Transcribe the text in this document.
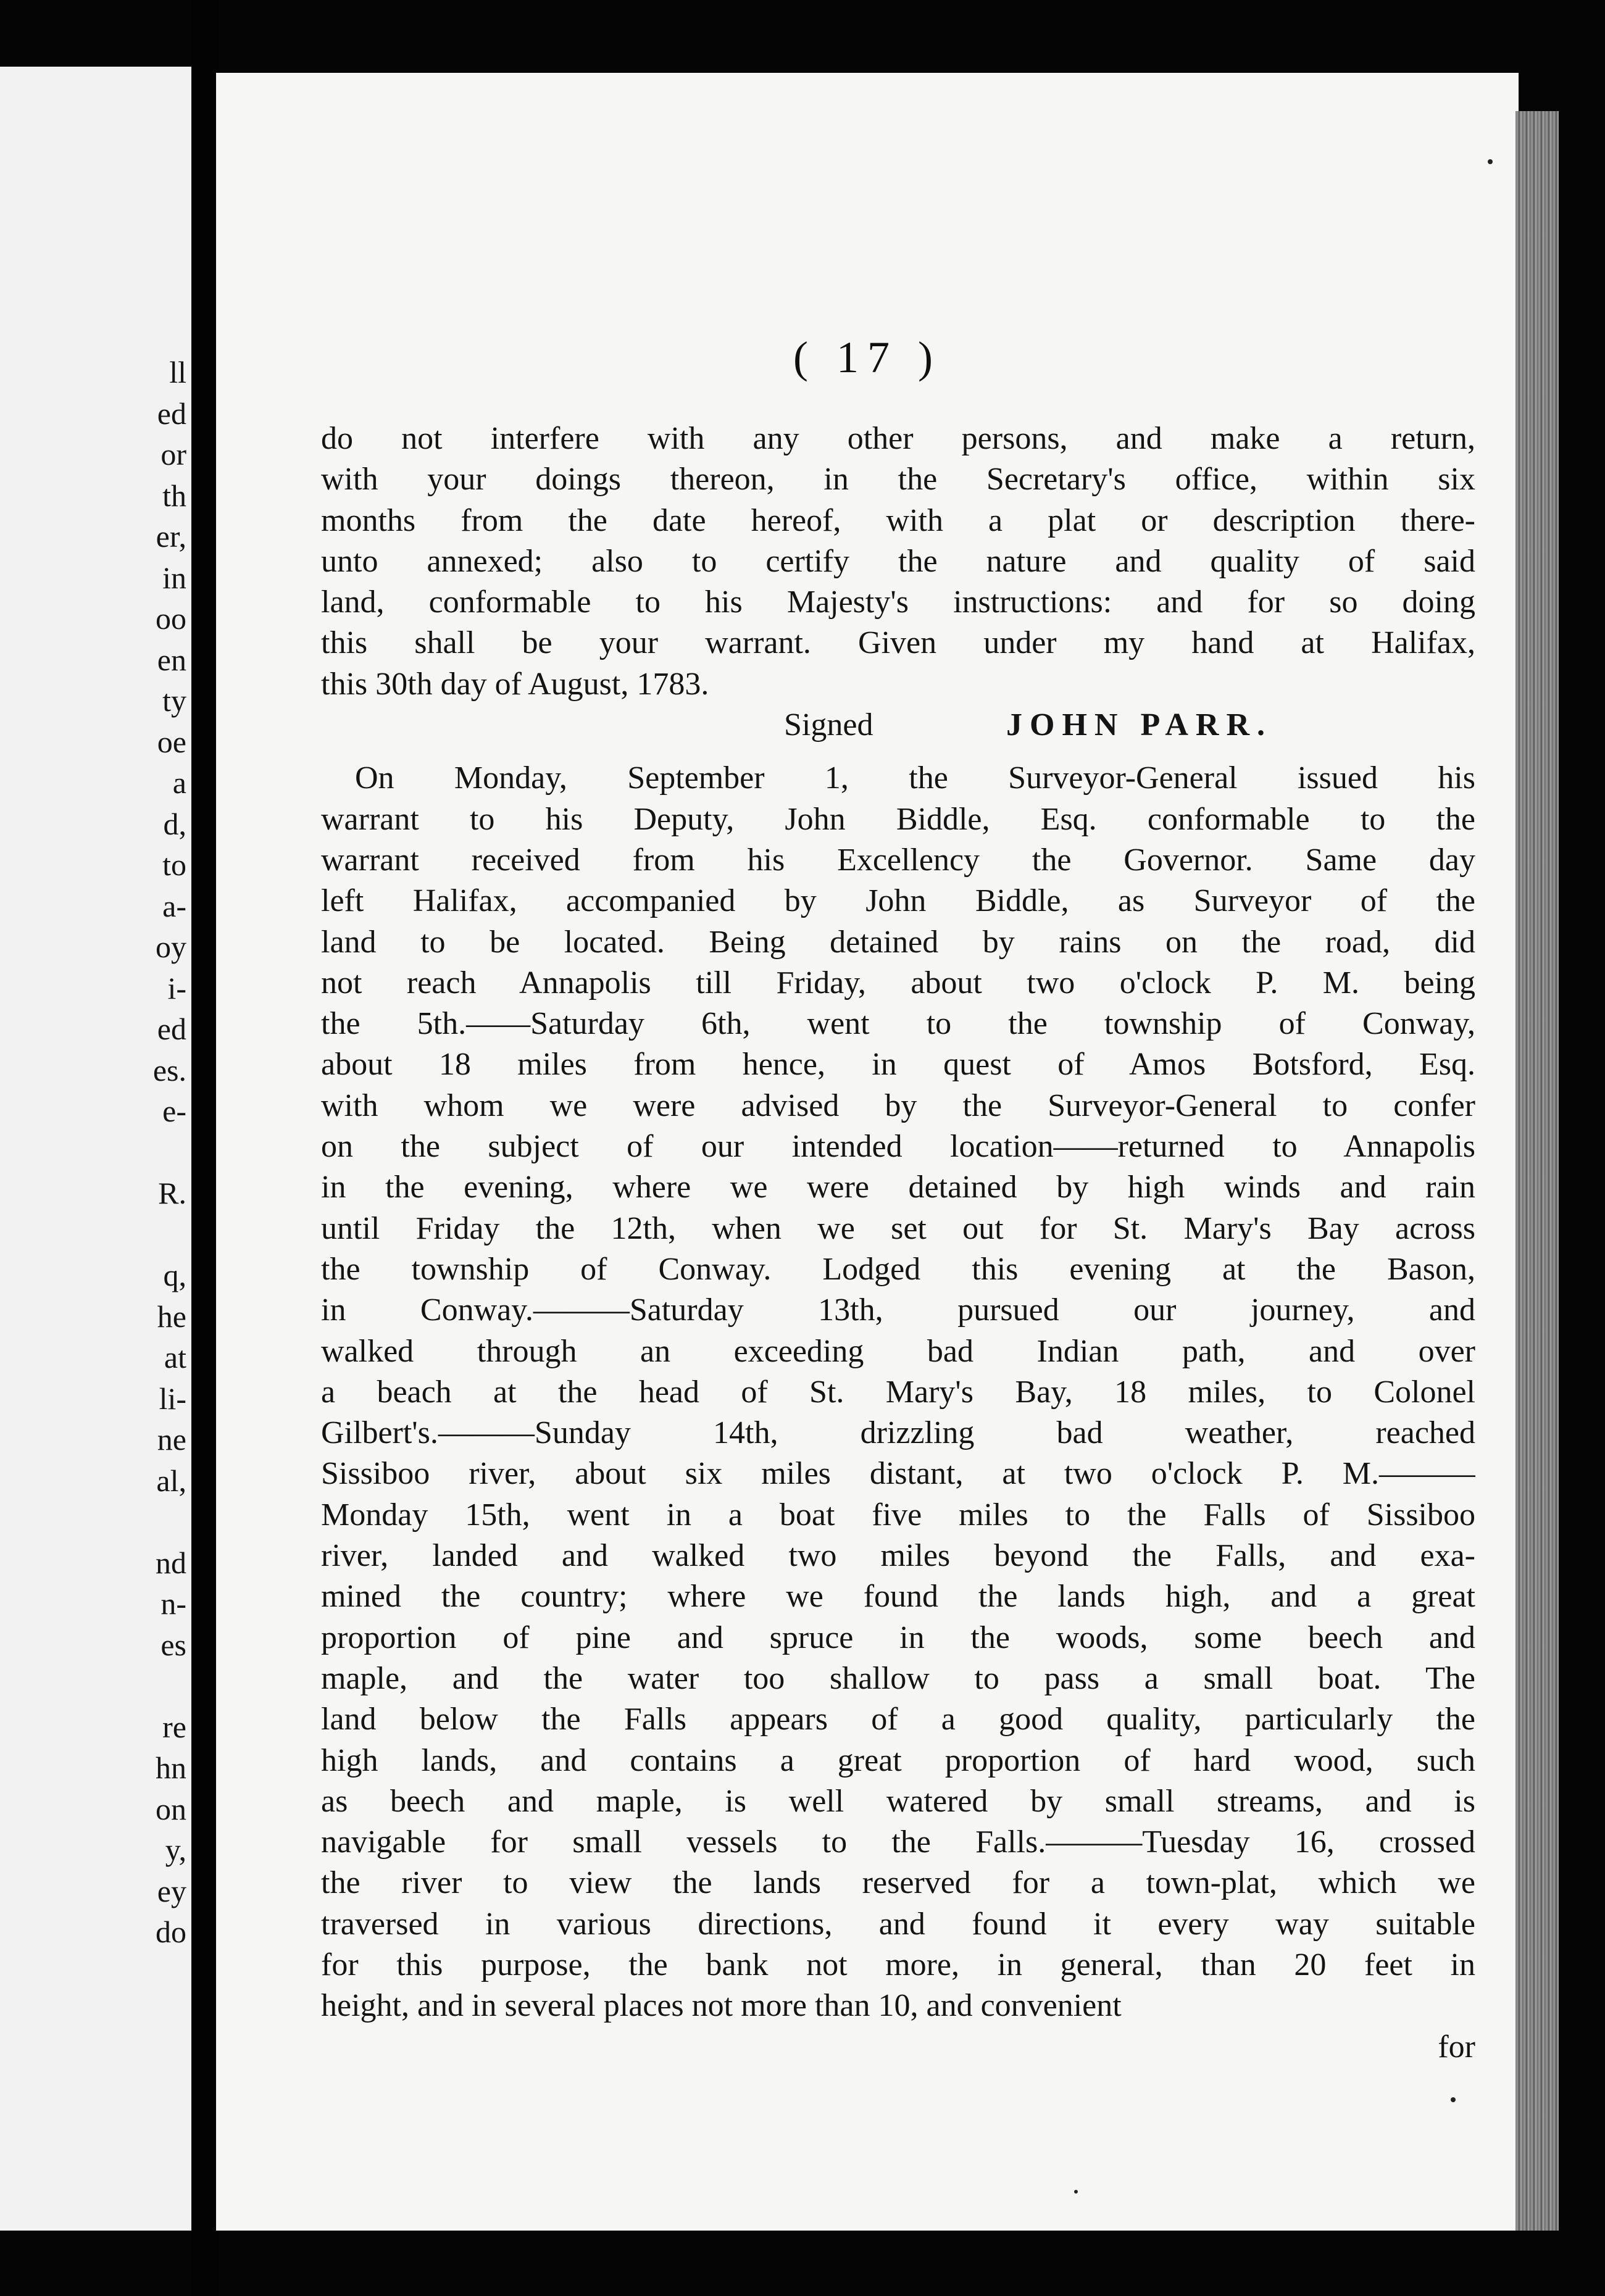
ll
ed
or
th
er,
in
oo
en
ty
oe
a
d,
to
a-
oy
i-
ed
es.
e-
R.
q,
he
at
li-
ne
al,
nd
n-
es
re
hn
on
y,
ey
do
( 17 )
do not interfere with any other persons, and make a return,
with your doings thereon, in the Secretary's office, within six
months from the date hereof, with a plat or description there-
unto annexed; also to certify the nature and quality of said
land, conformable to his Majesty's instructions: and for so doing
this shall be your warrant. Given under my hand at Halifax,
this 30th day of August, 1783.
Signed	JOHN PARR.
On Monday, September 1, the Surveyor-General issued his
warrant to his Deputy, John Biddle, Esq. conformable to the
warrant received from his Excellency the Governor. Same day
left Halifax, accompanied by John Biddle, as Surveyor of the
land to be located. Being detained by rains on the road, did
not reach Annapolis till Friday, about two o'clock P. M. being
the 5th.——Saturday 6th, went to the township of Conway,
about 18 miles from hence, in quest of Amos Botsford, Esq.
with whom we were advised by the Surveyor-General to confer
on the subject of our intended location——returned to Annapolis
in the evening, where we were detained by high winds and rain
until Friday the 12th, when we set out for St. Mary's Bay across
the township of Conway. Lodged this evening at the Bason,
in Conway.———Saturday 13th, pursued our journey, and
walked through an exceeding bad Indian path, and over
a beach at the head of St. Mary's Bay, 18 miles, to Colonel
Gilbert's.———Sunday 14th, drizzling bad weather, reached
Sissiboo river, about six miles distant, at two o'clock P. M.———
Monday 15th, went in a boat five miles to the Falls of Sissiboo
river, landed and walked two miles beyond the Falls, and exa-
mined the country; where we found the lands high, and a great
proportion of pine and spruce in the woods, some beech and
maple, and the water too shallow to pass a small boat. The
land below the Falls appears of a good quality, particularly the
high lands, and contains a great proportion of hard wood, such
as beech and maple, is well watered by small streams, and is
navigable for small vessels to the Falls.———Tuesday 16, crossed
the river to view the lands reserved for a town-plat, which we
traversed in various directions, and found it every way suitable
for this purpose, the bank not more, in general, than 20 feet in
height, and in several places not more than 10, and convenient
for
